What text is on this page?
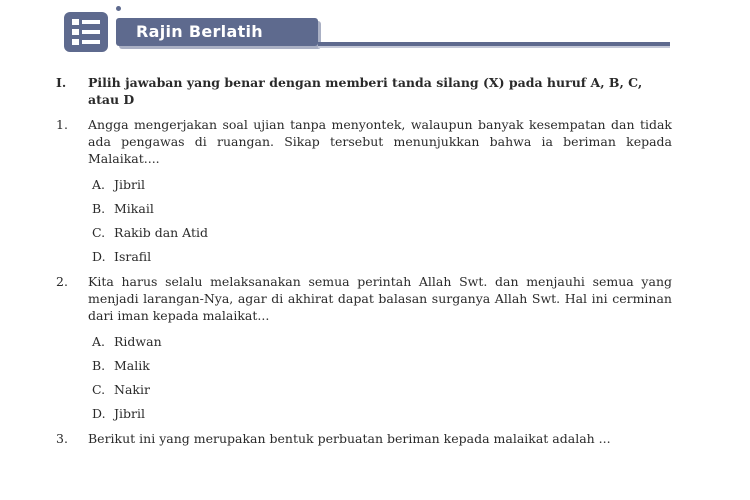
Rajin Berlatih
I.	Pilih jawaban yang benar dengan memberi tanda silang (X) pada huruf A, B, C, atau D
1.	Angga mengerjakan soal ujian tanpa menyontek, walaupun banyak kesempatan dan tidak ada pengawas di ruangan. Sikap tersebut menunjukkan bahwa ia beriman kepada Malaikat....
A. Jibril
B. Mikail
C. Rakib dan Atid
D. Israfil
2.	Kita harus selalu melaksanakan semua perintah Allah Swt. dan menjauhi semua yang menjadi larangan-Nya, agar di akhirat dapat balasan surganya Allah Swt. Hal ini cerminan dari iman kepada malaikat...
A. Ridwan
B. Malik
C. Nakir
D. Jibril
3.	Berikut ini yang merupakan bentuk perbuatan beriman kepada malaikat adalah ...
